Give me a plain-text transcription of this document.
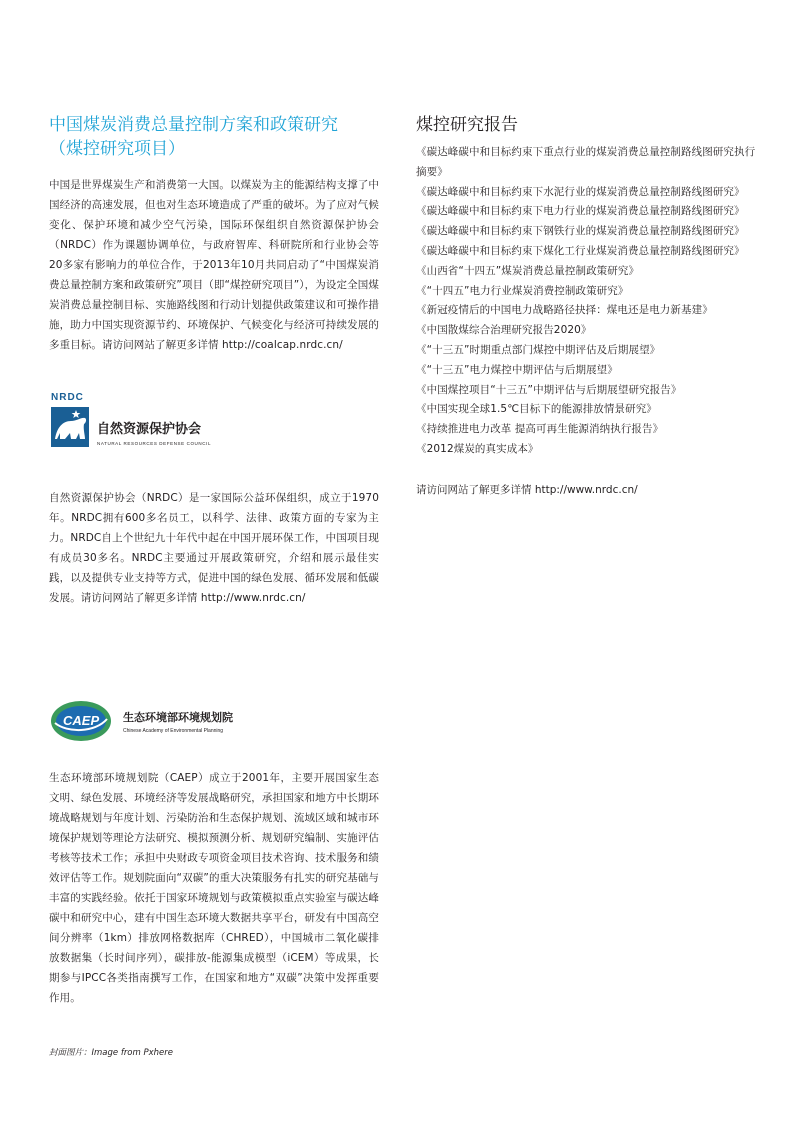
中国煤炭消费总量控制方案和政策研究
（煤控研究项目）

中国是世界煤炭生产和消费第一大国。以煤炭为主的能源结构支撑了中国经济的高速发展，但也对生态环境造成了严重的破坏。为了应对气候变化、保护环境和减少空气污染，国际环保组织自然资源保护协会（NRDC）作为课题协调单位，与政府智库、科研院所和行业协会等20多家有影响力的单位合作，于2013年10月共同启动了“中国煤炭消费总量控制方案和政策研究”项目（即“煤控研究项目”），为设定全国煤炭消费总量控制目标、实施路线图和行动计划提供政策建议和可操作措施，助力中国实现资源节约、环境保护、气候变化与经济可持续发展的多重目标。请访问网站了解更多详情 http://coalcap.nrdc.cn/

NRDC
自然资源保护协会
NATURAL RESOURCES DEFENSE COUNCIL

自然资源保护协会（NRDC）是一家国际公益环保组织，成立于1970年。NRDC拥有600多名员工，以科学、法律、政策方面的专家为主力。NRDC自上个世纪九十年代中起在中国开展环保工作，中国项目现有成员30多名。NRDC主要通过开展政策研究，介绍和展示最佳实践，以及提供专业支持等方式，促进中国的绿色发展、循环发展和低碳发展。请访问网站了解更多详情 http://www.nrdc.cn/

CAEP 生态环境部环境规划院
Chinese Academy of Environmental Planning

生态环境部环境规划院（CAEP）成立于2001年，主要开展国家生态文明、绿色发展、环境经济等发展战略研究，承担国家和地方中长期环境战略规划与年度计划、污染防治和生态保护规划、流域区域和城市环境保护规划等理论方法研究、模拟预测分析、规划研究编制、实施评估考核等技术工作；承担中央财政专项资金项目技术咨询、技术服务和绩效评估等工作。规划院面向“双碳”的重大决策服务有扎实的研究基础与丰富的实践经验。依托于国家环境规划与政策模拟重点实验室与碳达峰碳中和研究中心，建有中国生态环境大数据共享平台，研发有中国高空间分辨率（1km）排放网格数据库（CHRED），中国城市二氧化碳排放数据集（长时间序列），碳排放-能源集成模型（iCEM）等成果，长期参与IPCC各类指南撰写工作，在国家和地方“双碳”决策中发挥重要作用。

煤控研究报告
《碳达峰碳中和目标约束下重点行业的煤炭消费总量控制路线图研究执行摘要》
《碳达峰碳中和目标约束下水泥行业的煤炭消费总量控制路线图研究》
《碳达峰碳中和目标约束下电力行业的煤炭消费总量控制路线图研究》
《碳达峰碳中和目标约束下钢铁行业的煤炭消费总量控制路线图研究》
《碳达峰碳中和目标约束下煤化工行业煤炭消费总量控制路线图研究》
《山西省“十四五”煤炭消费总量控制政策研究》
《“十四五”电力行业煤炭消费控制政策研究》
《新冠疫情后的中国电力战略路径抉择：煤电还是电力新基建》
《中国散煤综合治理研究报告2020》
《“十三五”时期重点部门煤控中期评估及后期展望》
《“十三五”电力煤控中期评估与后期展望》
《中国煤控项目“十三五”中期评估与后期展望研究报告》
《中国实现全球1.5℃目标下的能源排放情景研究》
《持续推进电力改革 提高可再生能源消纳执行报告》
《2012煤炭的真实成本》

请访问网站了解更多详情 http://www.nrdc.cn/

封面图片：Image from Pxhere
